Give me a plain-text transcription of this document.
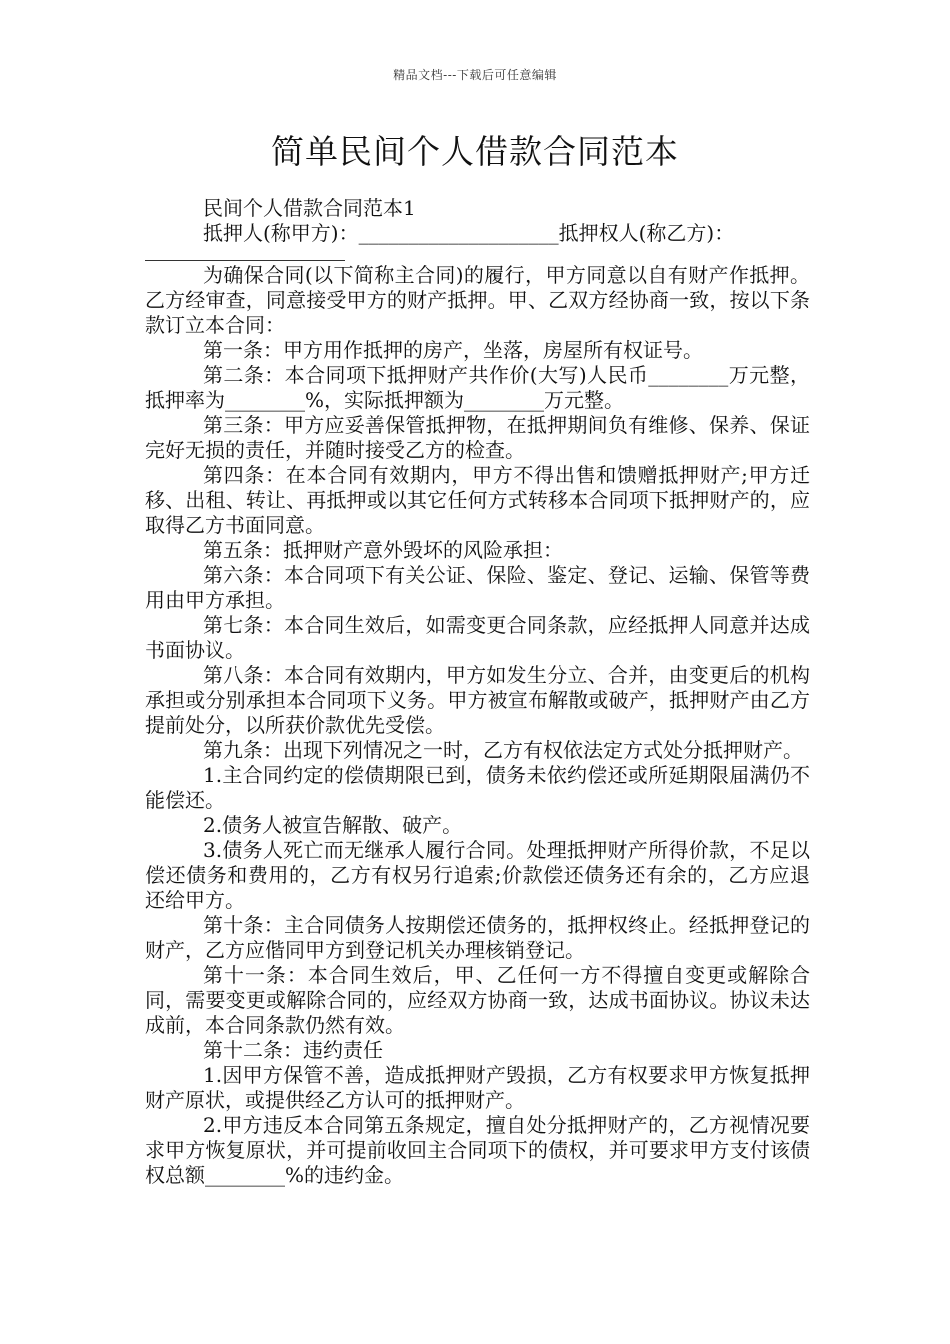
精品文档---下载后可任意编辑
简单民间个人借款合同范本

民间个人借款合同范本1

抵押人(称甲方)：____________________抵押权人(称乙方)：

为确保合同(以下简称主合同)的履行，甲方同意以自有财产作抵押。乙方经审查，同意接受甲方的财产抵押。甲、乙双方经协商一致，按以下条款订立本合同：

第一条：甲方用作抵押的房产，坐落，房屋所有权证号。

第二条：本合同项下抵押财产共作价(大写)人民币________万元整，抵押率为________%，实际抵押额为________万元整。

第三条：甲方应妥善保管抵押物，在抵押期间负有维修、保养、保证完好无损的责任，并随时接受乙方的检查。

第四条：在本合同有效期内，甲方不得出售和馈赠抵押财产;甲方迁移、出租、转让、再抵押或以其它任何方式转移本合同项下抵押财产的，应取得乙方书面同意。

第五条：抵押财产意外毁坏的风险承担：

第六条：本合同项下有关公证、保险、鉴定、登记、运输、保管等费用由甲方承担。

第七条：本合同生效后，如需变更合同条款，应经抵押人同意并达成书面协议。

第八条：本合同有效期内，甲方如发生分立、合并，由变更后的机构承担或分别承担本合同项下义务。甲方被宣布解散或破产，抵押财产由乙方提前处分，以所获价款优先受偿。

第九条：出现下列情况之一时，乙方有权依法定方式处分抵押财产。

1.主合同约定的偿债期限已到，债务未依约偿还或所延期限届满仍不能偿还。

2.债务人被宣告解散、破产。

3.债务人死亡而无继承人履行合同。处理抵押财产所得价款，不足以偿还债务和费用的，乙方有权另行追索;价款偿还债务还有余的，乙方应退还给甲方。

第十条：主合同债务人按期偿还债务的，抵押权终止。经抵押登记的财产，乙方应偕同甲方到登记机关办理核销登记。

第十一条：本合同生效后，甲、乙任何一方不得擅自变更或解除合同，需要变更或解除合同的，应经双方协商一致，达成书面协议。协议未达成前，本合同条款仍然有效。

第十二条：违约责任

1.因甲方保管不善，造成抵押财产毁损，乙方有权要求甲方恢复抵押财产原状，或提供经乙方认可的抵押财产。

2.甲方违反本合同第五条规定，擅自处分抵押财产的，乙方视情况要求甲方恢复原状，并可提前收回主合同项下的债权，并可要求甲方支付该债权总额________%的违约金。
